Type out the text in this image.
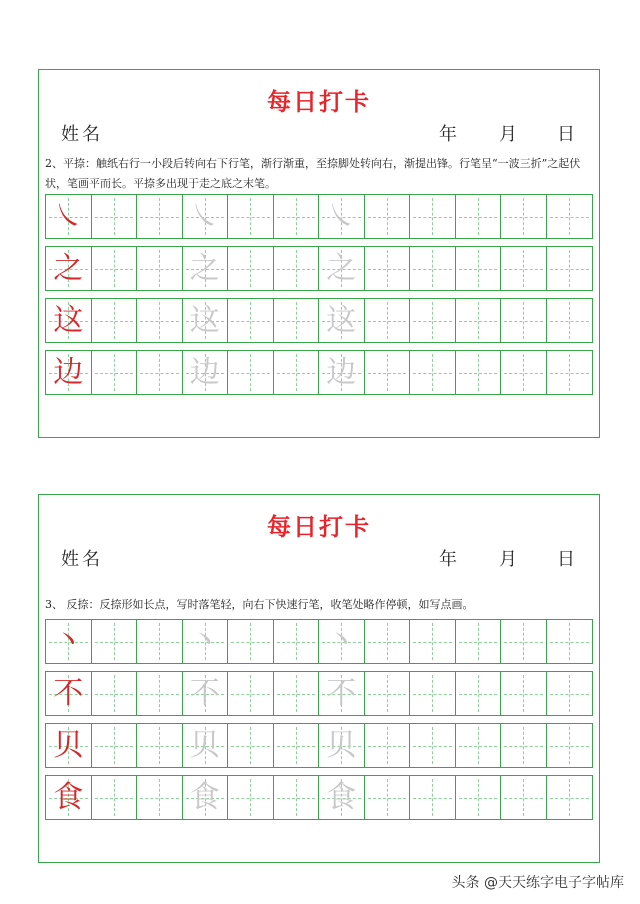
每日打卡
姓名	年 月 日
2、平捺：触纸右行一小段后转向右下行笔，渐行渐重，至捺脚处转向右，渐提出锋。行笔呈“一波三折”之起伏状，笔画平而长。平捺多出现于走之底之末笔。
㇏	㇏	㇏
之	之	之
这	这	这
边	边	边
每日打卡
姓名	年 月 日
3、 反捺：反捺形如长点，写时落笔轻，向右下快速行笔，收笔处略作停顿，如写点画。
丶	丶	丶
不	不	不
贝	贝	贝
食	食	食
头条 @天天练字电子字帖库
